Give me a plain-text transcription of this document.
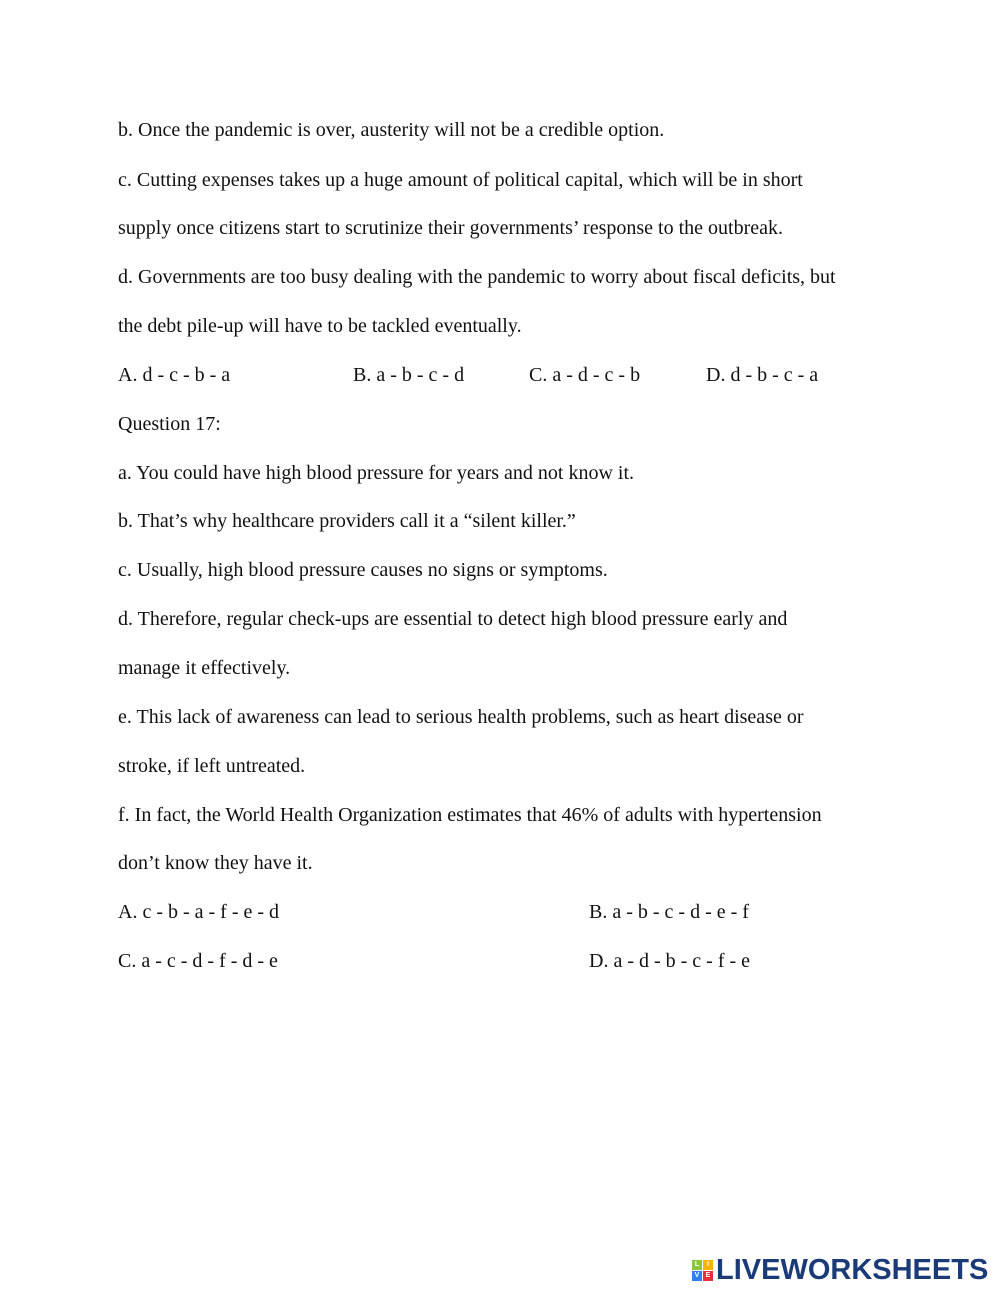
b. Once the pandemic is over, austerity will not be a credible option.
c. Cutting expenses takes up a huge amount of political capital, which will be in short
supply once citizens start to scrutinize their governments’ response to the outbreak.
d. Governments are too busy dealing with the pandemic to worry about fiscal deficits, but
the debt pile-up will have to be tackled eventually.
A. d - c - b - a	B. a - b - c - d	C. a - d - c - b	D. d - b - c - a
Question 17:
a. You could have high blood pressure for years and not know it.
b. That’s why healthcare providers call it a “silent killer.”
c. Usually, high blood pressure causes no signs or symptoms.
d. Therefore, regular check-ups are essential to detect high blood pressure early and
manage it effectively.
e. This lack of awareness can lead to serious health problems, such as heart disease or
stroke, if left untreated.
f. In fact, the World Health Organization estimates that 46% of adults with hypertension
don’t know they have it.
A. c - b - a - f - e - d	B. a - b - c - d - e - f
C. a - c - d - f - d - e	D. a - d - b - c - f - e
L	I
V E LIVEWORKSHEETS
